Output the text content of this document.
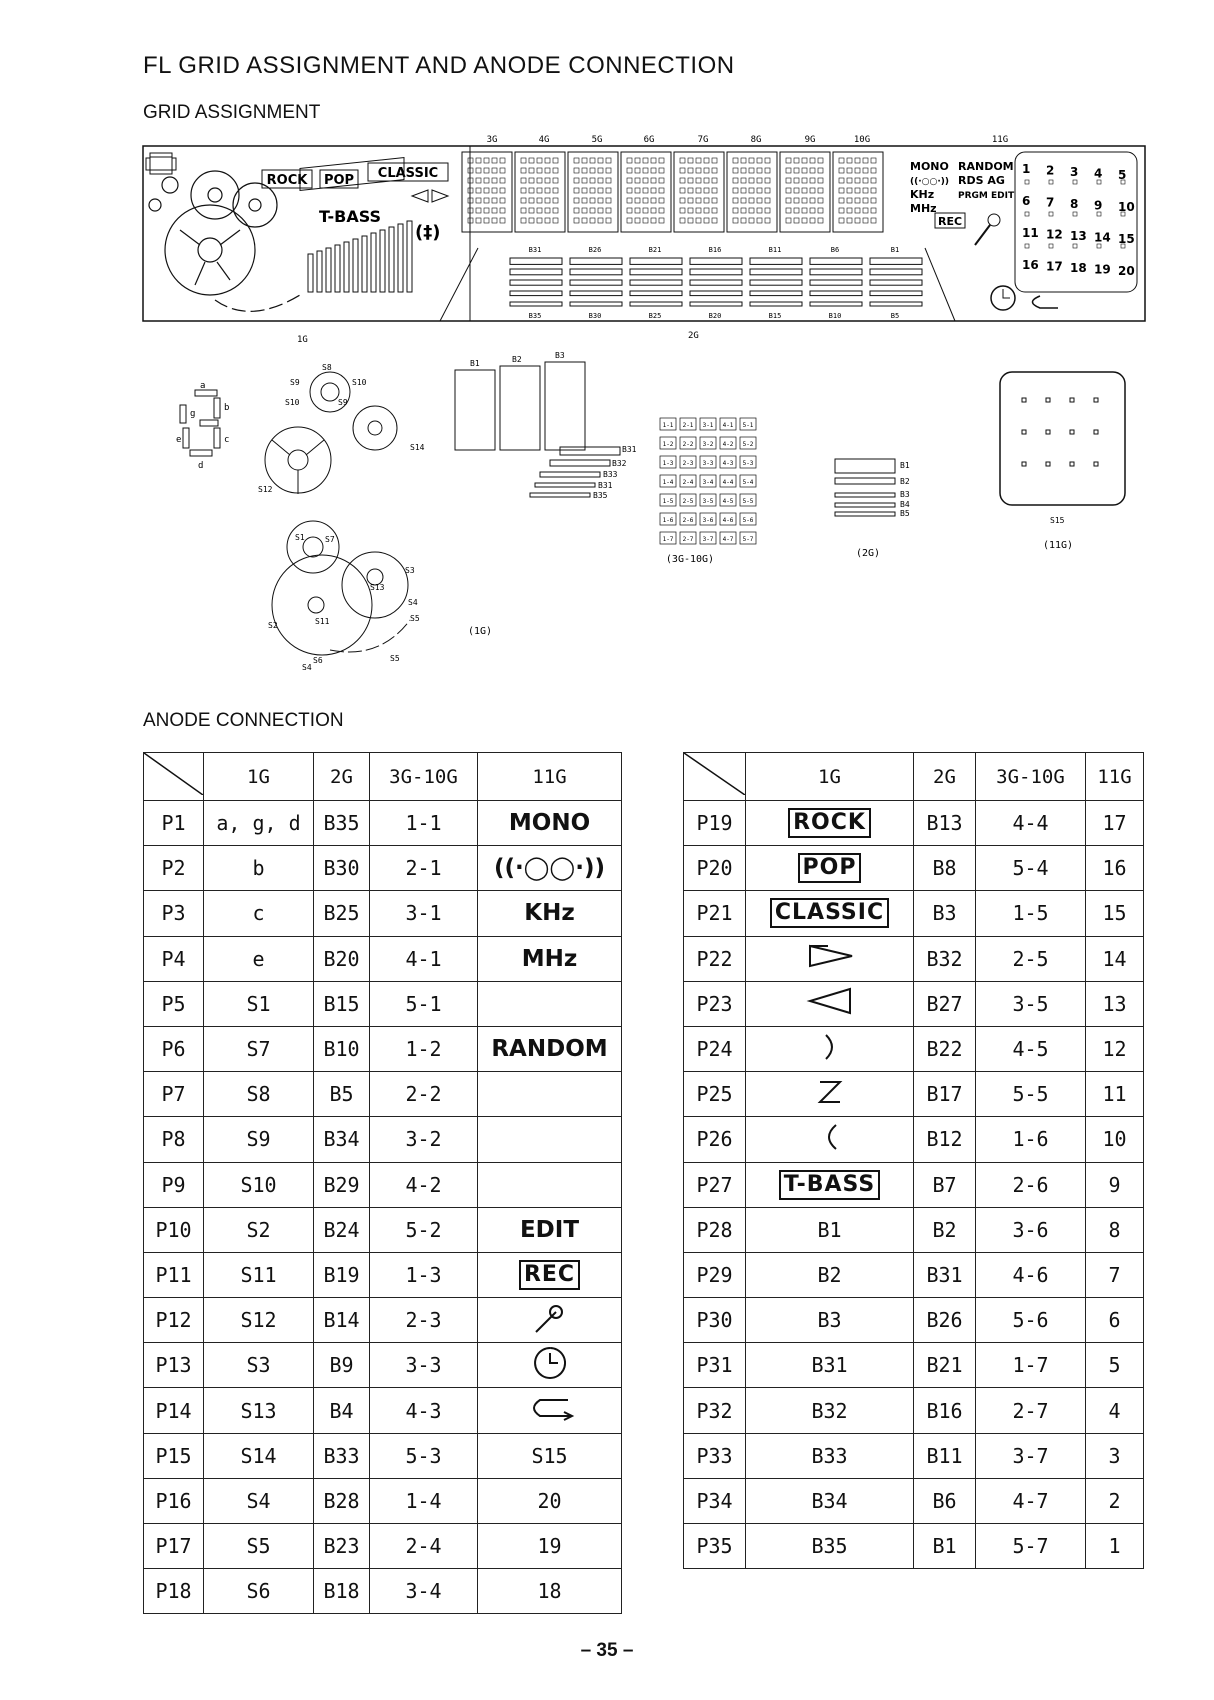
FL GRID ASSIGNMENT AND ANODE CONNECTION
GRID ASSIGNMENT
3G	4G	5G	6G	7G	8G	9G	10G	11G
ROCK POP CLASSIC
T-BASS
(‡)
B31
B35
B26
B30
B21
B25
B16
B20
B11
B15
B6
B10
B1
B5
MONO RANDOM
((·○○·)) RDS AG
KHz	PRGM EDIT
MHz
REC
1 2 3 4 5
6 7 8 9 10
11 12 13 14 15
16 17 18 19 20
1G	2G
a
b
c
d
e
g
S8
S9	S10
S10	S9
S12
S14
S1	S7
S3
S13
S2	S11
S4
S5
S6
S4
S5
(1G)
B1	B2	B3
B31
B32
B33
B31
B35
1-1 2-1 3-1 4-1 5-1
1-2 2-2 3-2 4-2 5-2
1-3 2-3 3-3 4-3 5-3
1-4 2-4 3-4 4-4 5-4
1-5 2-5 3-5 4-5 5-5
1-6 2-6 3-6 4-6 5-6
1-7 2-7 3-7 4-7 5-7
(3G-10G)
B1
B2
B3
B4
B5
(2G)
S15
(11G)
ANODE CONNECTION
	1G	2G	3G-10G	11G
P1	a, g, d	B35	1-1	MONO
P2	b	B30	2-1	((·◯◯·))
P3	c	B25	3-1	KHz
P4	e	B20	4-1	MHz
P5	S1	B15	5-1	
P6	S7	B10	1-2	RANDOM
P7	S8	B5	2-2	
P8	S9	B34	3-2	
P9	S10	B29	4-2	
P10	S2	B24	5-2	EDIT
P11	S11	B19	1-3	REC
P12	S12	B14	2-3	
P13	S3	B9	3-3	
P14	S13	B4	4-3	
P15	S14	B33	5-3	S15
P16	S4	B28	1-4	20
P17	S5	B23	2-4	19
P18	S6	B18	3-4	18
	1G	2G	3G-10G	11G
P19	ROCK	B13	4-4	17
P20	POP	B8	5-4	16
P21	CLASSIC	B3	1-5	15
P22		B32	2-5	14
P23		B27	3-5	13
P24		B22	4-5	12
P25		B17	5-5	11
P26		B12	1-6	10
P27	T-BASS	B7	2-6	9
P28	B1	B2	3-6	8
P29	B2	B31	4-6	7
P30	B3	B26	5-6	6
P31	B31	B21	1-7	5
P32	B32	B16	2-7	4
P33	B33	B11	3-7	3
P34	B34	B6	4-7	2
P35	B35	B1	5-7	1
– 35 –
